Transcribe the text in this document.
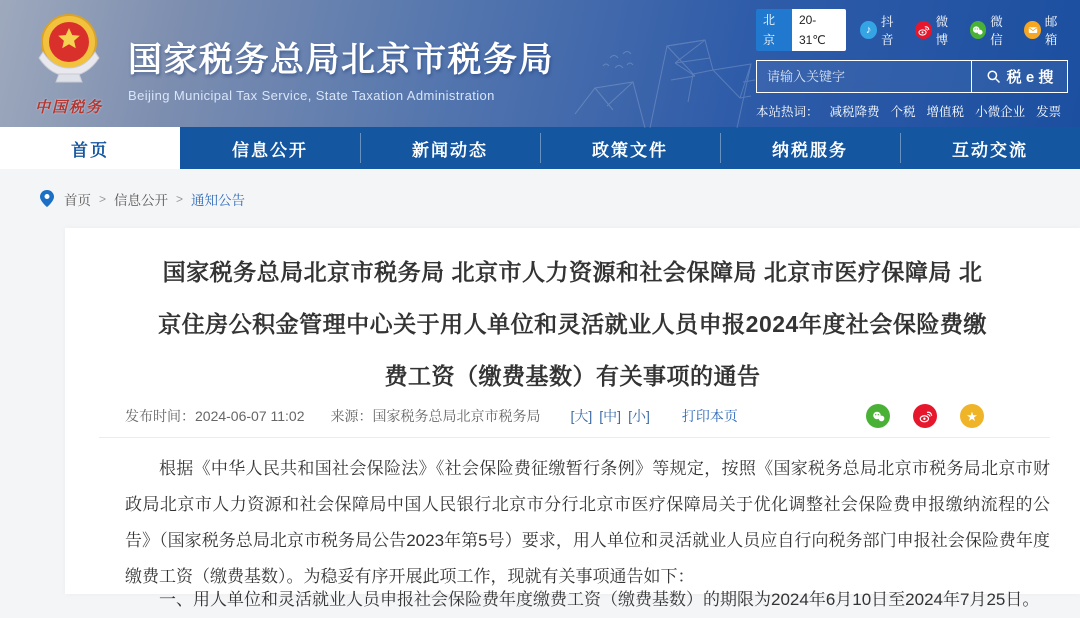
中国税务
国家税务总局北京市税务局
Beijing Municipal Tax Service, State Taxation Administration
北京
20-31℃
♪
抖音
微博
微信
邮箱
请输入关键字
税 e 搜
本站热词： 减税降费 个税 增值税 小微企业 发票
首页	信息公开	新闻动态	政策文件	纳税服务	互动交流
首页 > 信息公开 > 通知公告
国家税务总局北京市税务局 北京市人力资源和社会保障局 北京市医疗保障局 北
京住房公积金管理中心关于用人单位和灵活就业人员申报2024年度社会保险费缴
费工资（缴费基数）有关事项的通告
发布时间：2024-06-07 11:02 来源：国家税务总局北京市税务局 [大] [中] [小] 打印本页	★

根据《中华人民共和国社会保险法》《社会保险费征缴暂行条例》等规定，按照《国家税务总局北京市税务局北京市财政局北京市人力资源和社会保障局中国人民银行北京市分行北京市医疗保障局关于优化调整社会保险费申报缴纳流程的公告》（国家税务总局北京市税务局公告2023年第5号）要求，用人单位和灵活就业人员应自行向税务部门申报社会保险费年度缴费工资（缴费基数）。为稳妥有序开展此项工作，现就有关事项通告如下：

一、用人单位和灵活就业人员申报社会保险费年度缴费工资（缴费基数）的期限为2024年6月10日至2024年7月25日。
